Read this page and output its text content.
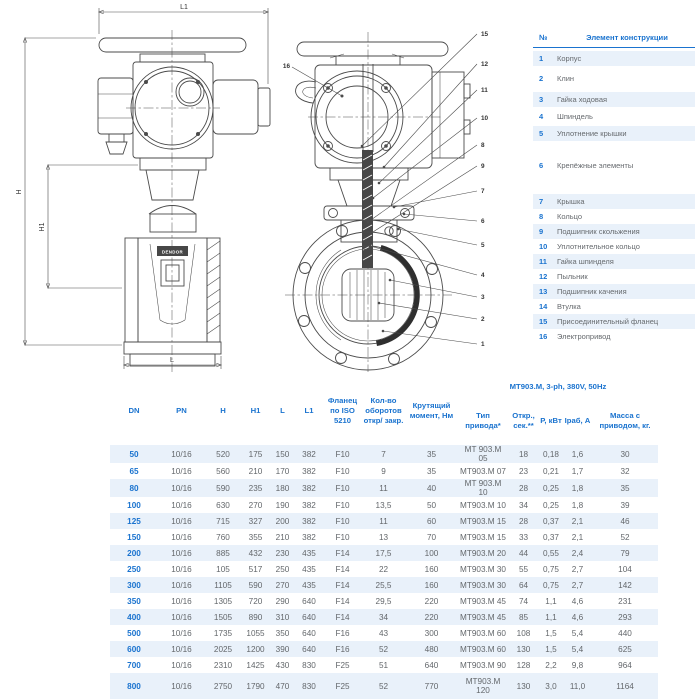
DENDOR
L1
H
H1
L
15
12
11
10
8
9
7
6
5
4
3
2
1
16
№	Элемент конструкции
1	Корпус
2	Клин
3	Гайка ходовая
4	Шпиндель
5	Уплотнение крышки
6	Крепёжные элементы
7	Крышка
8	Кольцо
9	Подшипник скольжения
10	Уплотнительное кольцо
11	Гайка шпинделя
12	Пыльник
13	Подшипник качения
14	Втулка
15	Присоединительный фланец
16	Электропривод
DN	PN	H	H1	L	L1	Фланец по ISO 5210	Кол-во оборотов откр/ закр.	Крутящий момент, Нм	MT903.M, 3-ph, 380V, 50Hz				
									Тип привода*	Откр., сек.**	P, кВт	Iраб, A	Масса с приводом, кг.
50	10/16	520	175	150	382	F10	7	35	MT 903.M 05	18	0,18	1,6	30
65	10/16	560	210	170	382	F10	9	35	MT903.M 07	23	0,21	1,7	32
80	10/16	590	235	180	382	F10	11	40	MT 903.M 10	28	0,25	1,8	35
100	10/16	630	270	190	382	F10	13,5	50	MT903.M 10	34	0,25	1,8	39
125	10/16	715	327	200	382	F10	11	60	MT903.M 15	28	0,37	2,1	46
150	10/16	760	355	210	382	F10	13	70	MT903.M 15	33	0,37	2,1	52
200	10/16	885	432	230	435	F14	17,5	100	MT903.M 20	44	0,55	2,4	79
250	10/16	105	517	250	435	F14	22	160	MT903.M 30	55	0,75	2,7	104
300	10/16	1105	590	270	435	F14	25,5	160	MT903.M 30	64	0,75	2,7	142
350	10/16	1305	720	290	640	F14	29,5	220	MT903.M 45	74	1,1	4,6	231
400	10/16	1505	890	310	640	F14	34	220	MT903.M 45	85	1,1	4,6	293
500	10/16	1735	1055	350	640	F16	43	300	MT903.M 60	108	1,5	5,4	440
600	10/16	2025	1200	390	640	F16	52	480	MT903.M 60	130	1,5	5,4	625
700	10/16	2310	1425	430	830	F25	51	640	MT903.M 90	128	2,2	9,8	964
800	10/16	2750	1790	470	830	F25	52	770	MT903.M 120	130	3,0	11,0	1164
